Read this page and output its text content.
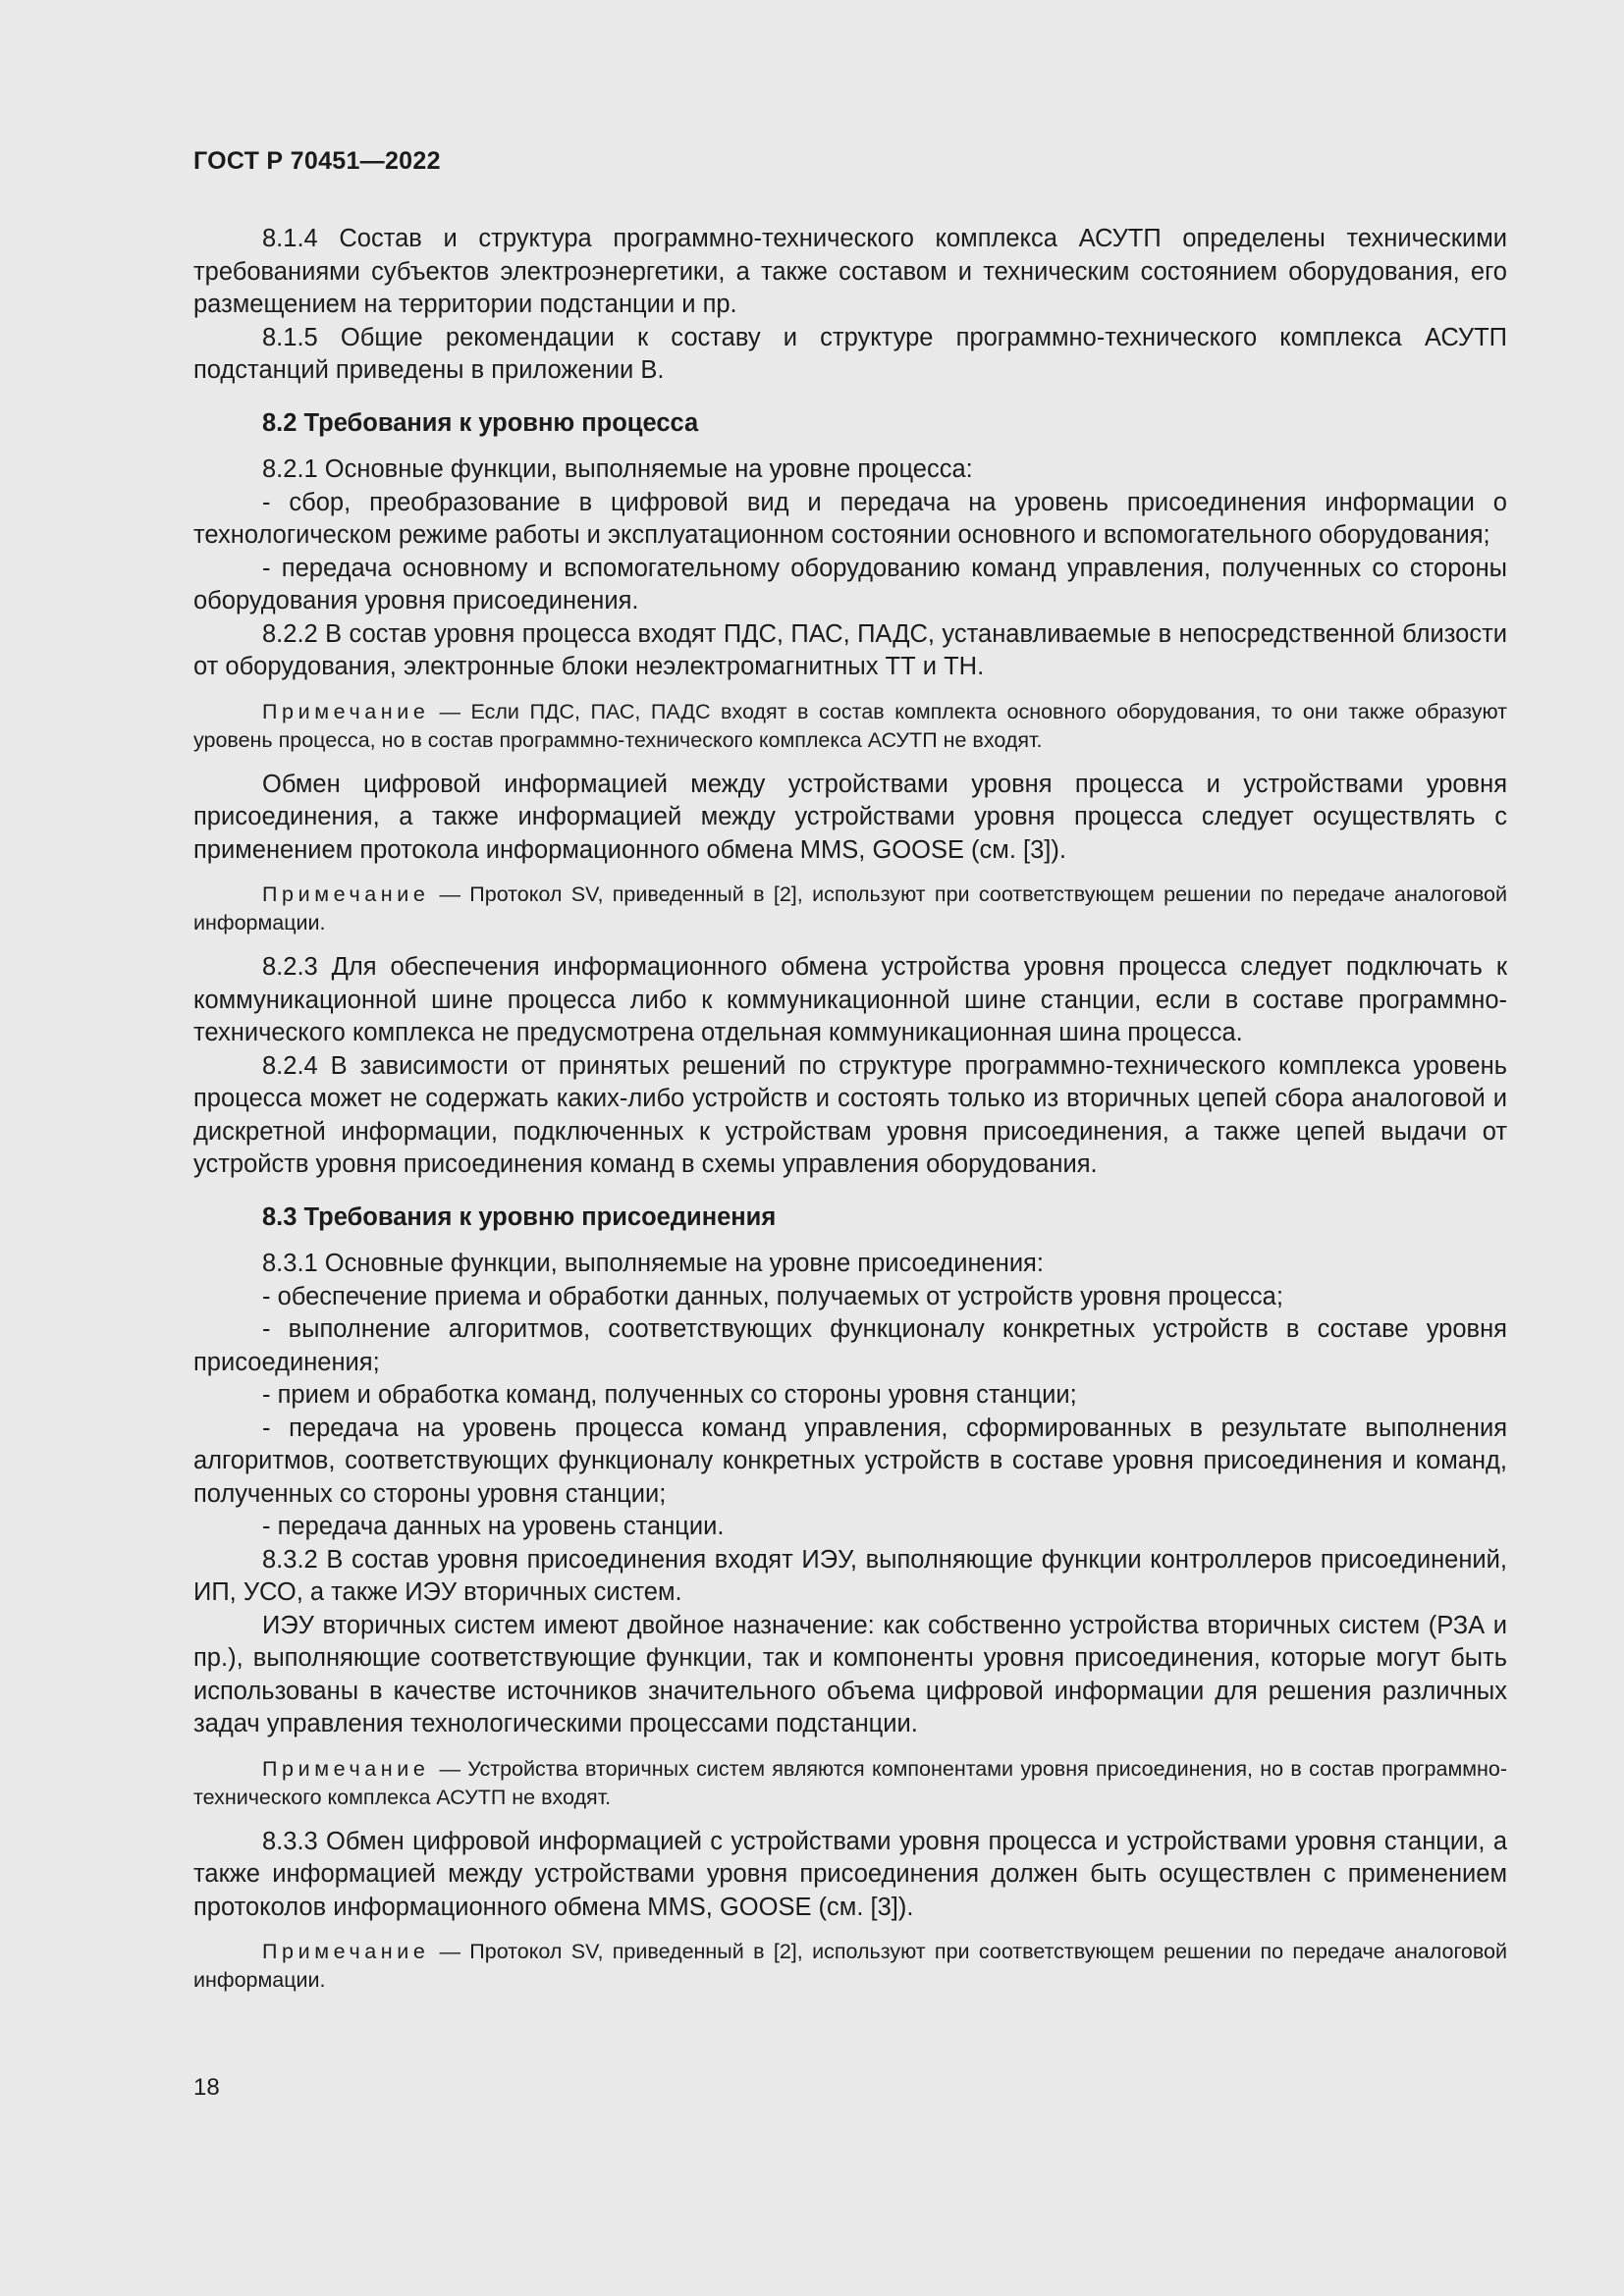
ГОСТ Р 70451—2022

8.1.4 Состав и структура программно-технического комплекса АСУТП определены техническими требованиями субъектов электроэнергетики, а также составом и техническим состоянием оборудования, его размещением на территории подстанции и пр.

8.1.5 Общие рекомендации к составу и структуре программно-технического комплекса АСУТП подстанций приведены в приложении В.

8.2 Требования к уровню процесса

8.2.1 Основные функции, выполняемые на уровне процесса:

- сбор, преобразование в цифровой вид и передача на уровень присоединения информации о технологическом режиме работы и эксплуатационном состоянии основного и вспомогательного оборудования;

- передача основному и вспомогательному оборудованию команд управления, полученных со стороны оборудования уровня присоединения.

8.2.2 В состав уровня процесса входят ПДС, ПАС, ПАДС, устанавливаемые в непосредственной близости от оборудования, электронные блоки неэлектромагнитных ТТ и ТН.

Примечание — Если ПДС, ПАС, ПАДС входят в состав комплекта основного оборудования, то они также образуют уровень процесса, но в состав программно-технического комплекса АСУТП не входят.

Обмен цифровой информацией между устройствами уровня процесса и устройствами уровня присоединения, а также информацией между устройствами уровня процесса следует осуществлять с применением протокола информационного обмена MMS, GOOSE (см. [3]).

Примечание — Протокол SV, приведенный в [2], используют при соответствующем решении по передаче аналоговой информации.

8.2.3 Для обеспечения информационного обмена устройства уровня процесса следует подключать к коммуникационной шине процесса либо к коммуникационной шине станции, если в составе программно-технического комплекса не предусмотрена отдельная коммуникационная шина процесса.

8.2.4 В зависимости от принятых решений по структуре программно-технического комплекса уровень процесса может не содержать каких-либо устройств и состоять только из вторичных цепей сбора аналоговой и дискретной информации, подключенных к устройствам уровня присоединения, а также цепей выдачи от устройств уровня присоединения команд в схемы управления оборудования.

8.3 Требования к уровню присоединения

8.3.1 Основные функции, выполняемые на уровне присоединения:

- обеспечение приема и обработки данных, получаемых от устройств уровня процесса;

- выполнение алгоритмов, соответствующих функционалу конкретных устройств в составе уровня присоединения;

- прием и обработка команд, полученных со стороны уровня станции;

- передача на уровень процесса команд управления, сформированных в результате выполнения алгоритмов, соответствующих функционалу конкретных устройств в составе уровня присоединения и команд, полученных со стороны уровня станции;

- передача данных на уровень станции.

8.3.2 В состав уровня присоединения входят ИЭУ, выполняющие функции контроллеров присоединений, ИП, УСО, а также ИЭУ вторичных систем.

ИЭУ вторичных систем имеют двойное назначение: как собственно устройства вторичных систем (РЗА и пр.), выполняющие соответствующие функции, так и компоненты уровня присоединения, которые могут быть использованы в качестве источников значительного объема цифровой информации для решения различных задач управления технологическими процессами подстанции.

Примечание — Устройства вторичных систем являются компонентами уровня присоединения, но в состав программно-технического комплекса АСУТП не входят.

8.3.3 Обмен цифровой информацией с устройствами уровня процесса и устройствами уровня станции, а также информацией между устройствами уровня присоединения должен быть осуществлен с применением протоколов информационного обмена MMS, GOOSE (см. [3]).

Примечание — Протокол SV, приведенный в [2], используют при соответствующем решении по передаче аналоговой информации.

18
